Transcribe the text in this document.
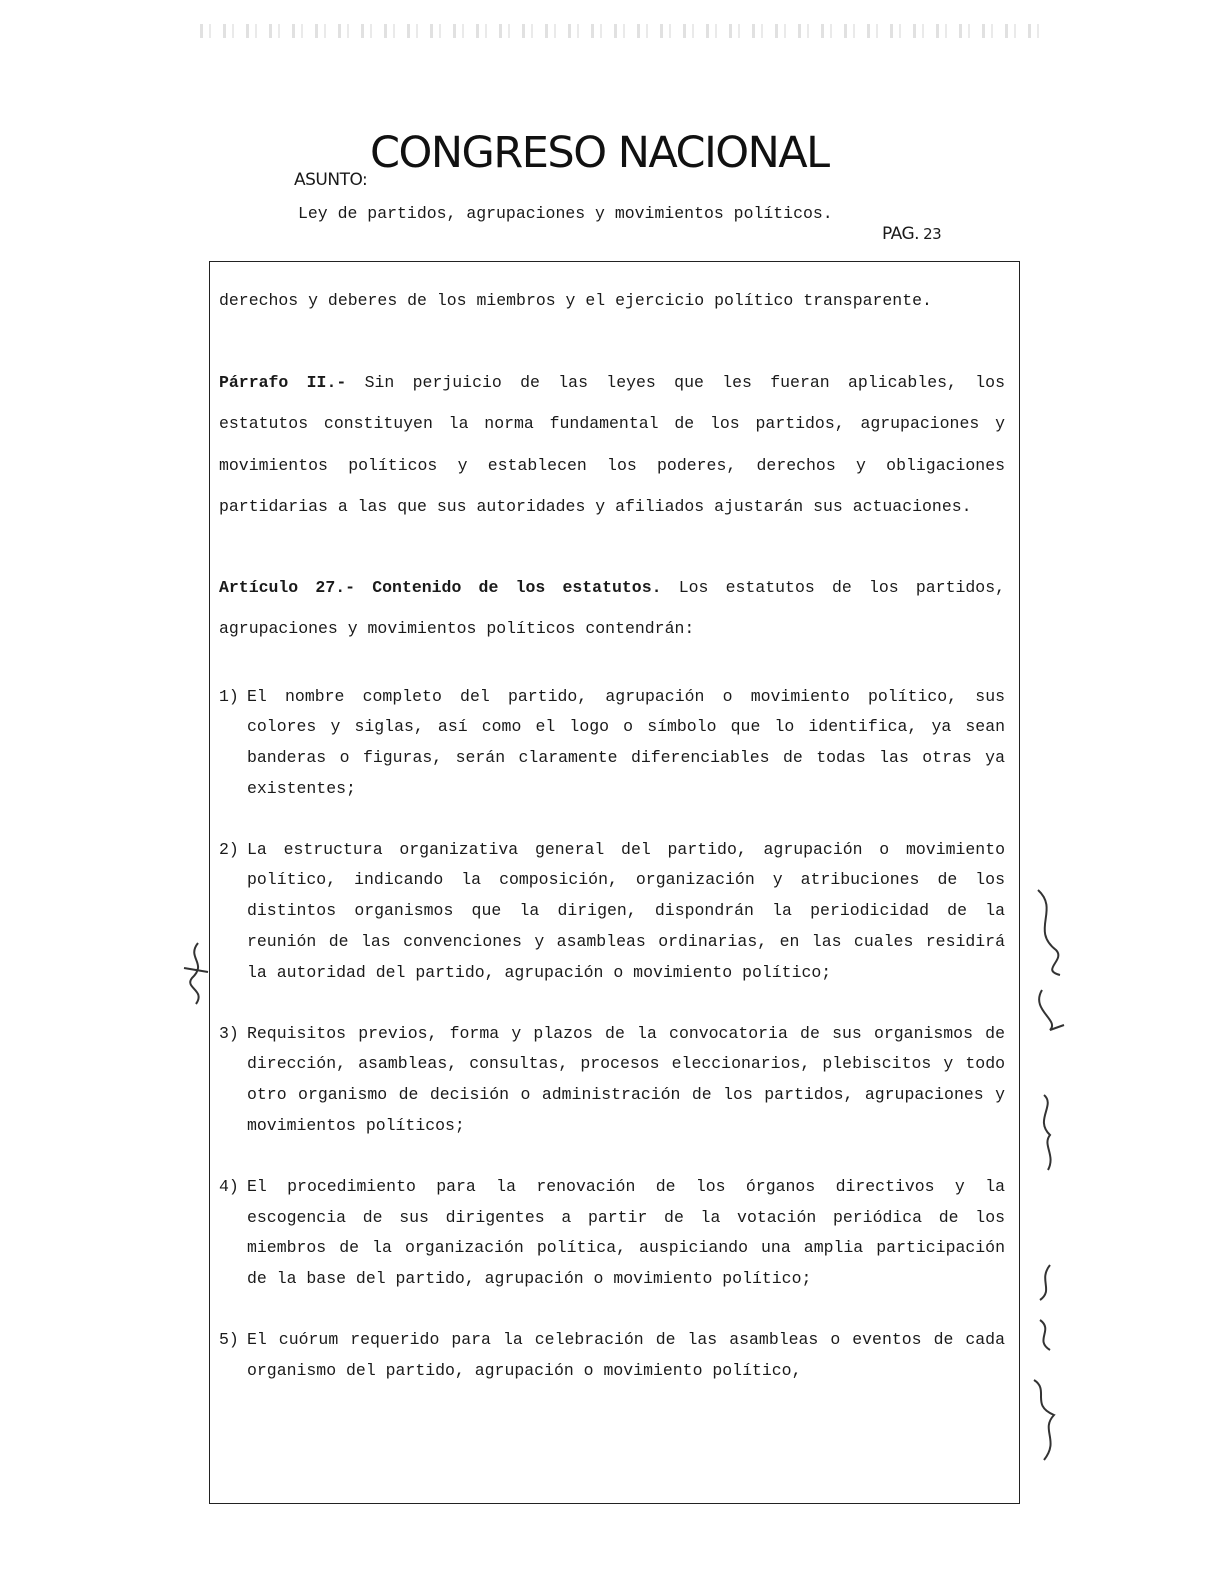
ASUNTO:
CONGRESO NACIONAL
Ley de partidos, agrupaciones y movimientos políticos.
PAG. 23

derechos y deberes de los miembros y el ejercicio político transparente.

Párrafo II.- Sin perjuicio de las leyes que les fueran aplicables, los estatutos constituyen la norma fundamental de los partidos, agrupaciones y movimientos políticos y establecen los poderes, derechos y obligaciones partidarias a las que sus autoridades y afiliados ajustarán sus actuaciones.

Artículo 27.- Contenido de los estatutos. Los estatutos de los partidos, agrupaciones y movimientos políticos contendrán:

1) El nombre completo del partido, agrupación o movimiento político, sus colores y siglas, así como el logo o símbolo que lo identifica, ya sean banderas o figuras, serán claramente diferenciables de todas las otras ya existentes;
2) La estructura organizativa general del partido, agrupación o movimiento político, indicando la composición, organización y atribuciones de los distintos organismos que la dirigen, dispondrán la periodicidad de la reunión de las convenciones y asambleas ordinarias, en las cuales residirá la autoridad del partido, agrupación o movimiento político;
3) Requisitos previos, forma y plazos de la convocatoria de sus organismos de dirección, asambleas, consultas, procesos eleccionarios, plebiscitos y todo otro organismo de decisión o administración de los partidos, agrupaciones y movimientos políticos;
4) El procedimiento para la renovación de los órganos directivos y la escogencia de sus dirigentes a partir de la votación periódica de los miembros de la organización política, auspiciando una amplia participación de la base del partido, agrupación o movimiento político;
5) El cuórum requerido para la celebración de las asambleas o eventos de cada organismo del partido, agrupación o movimiento político,
